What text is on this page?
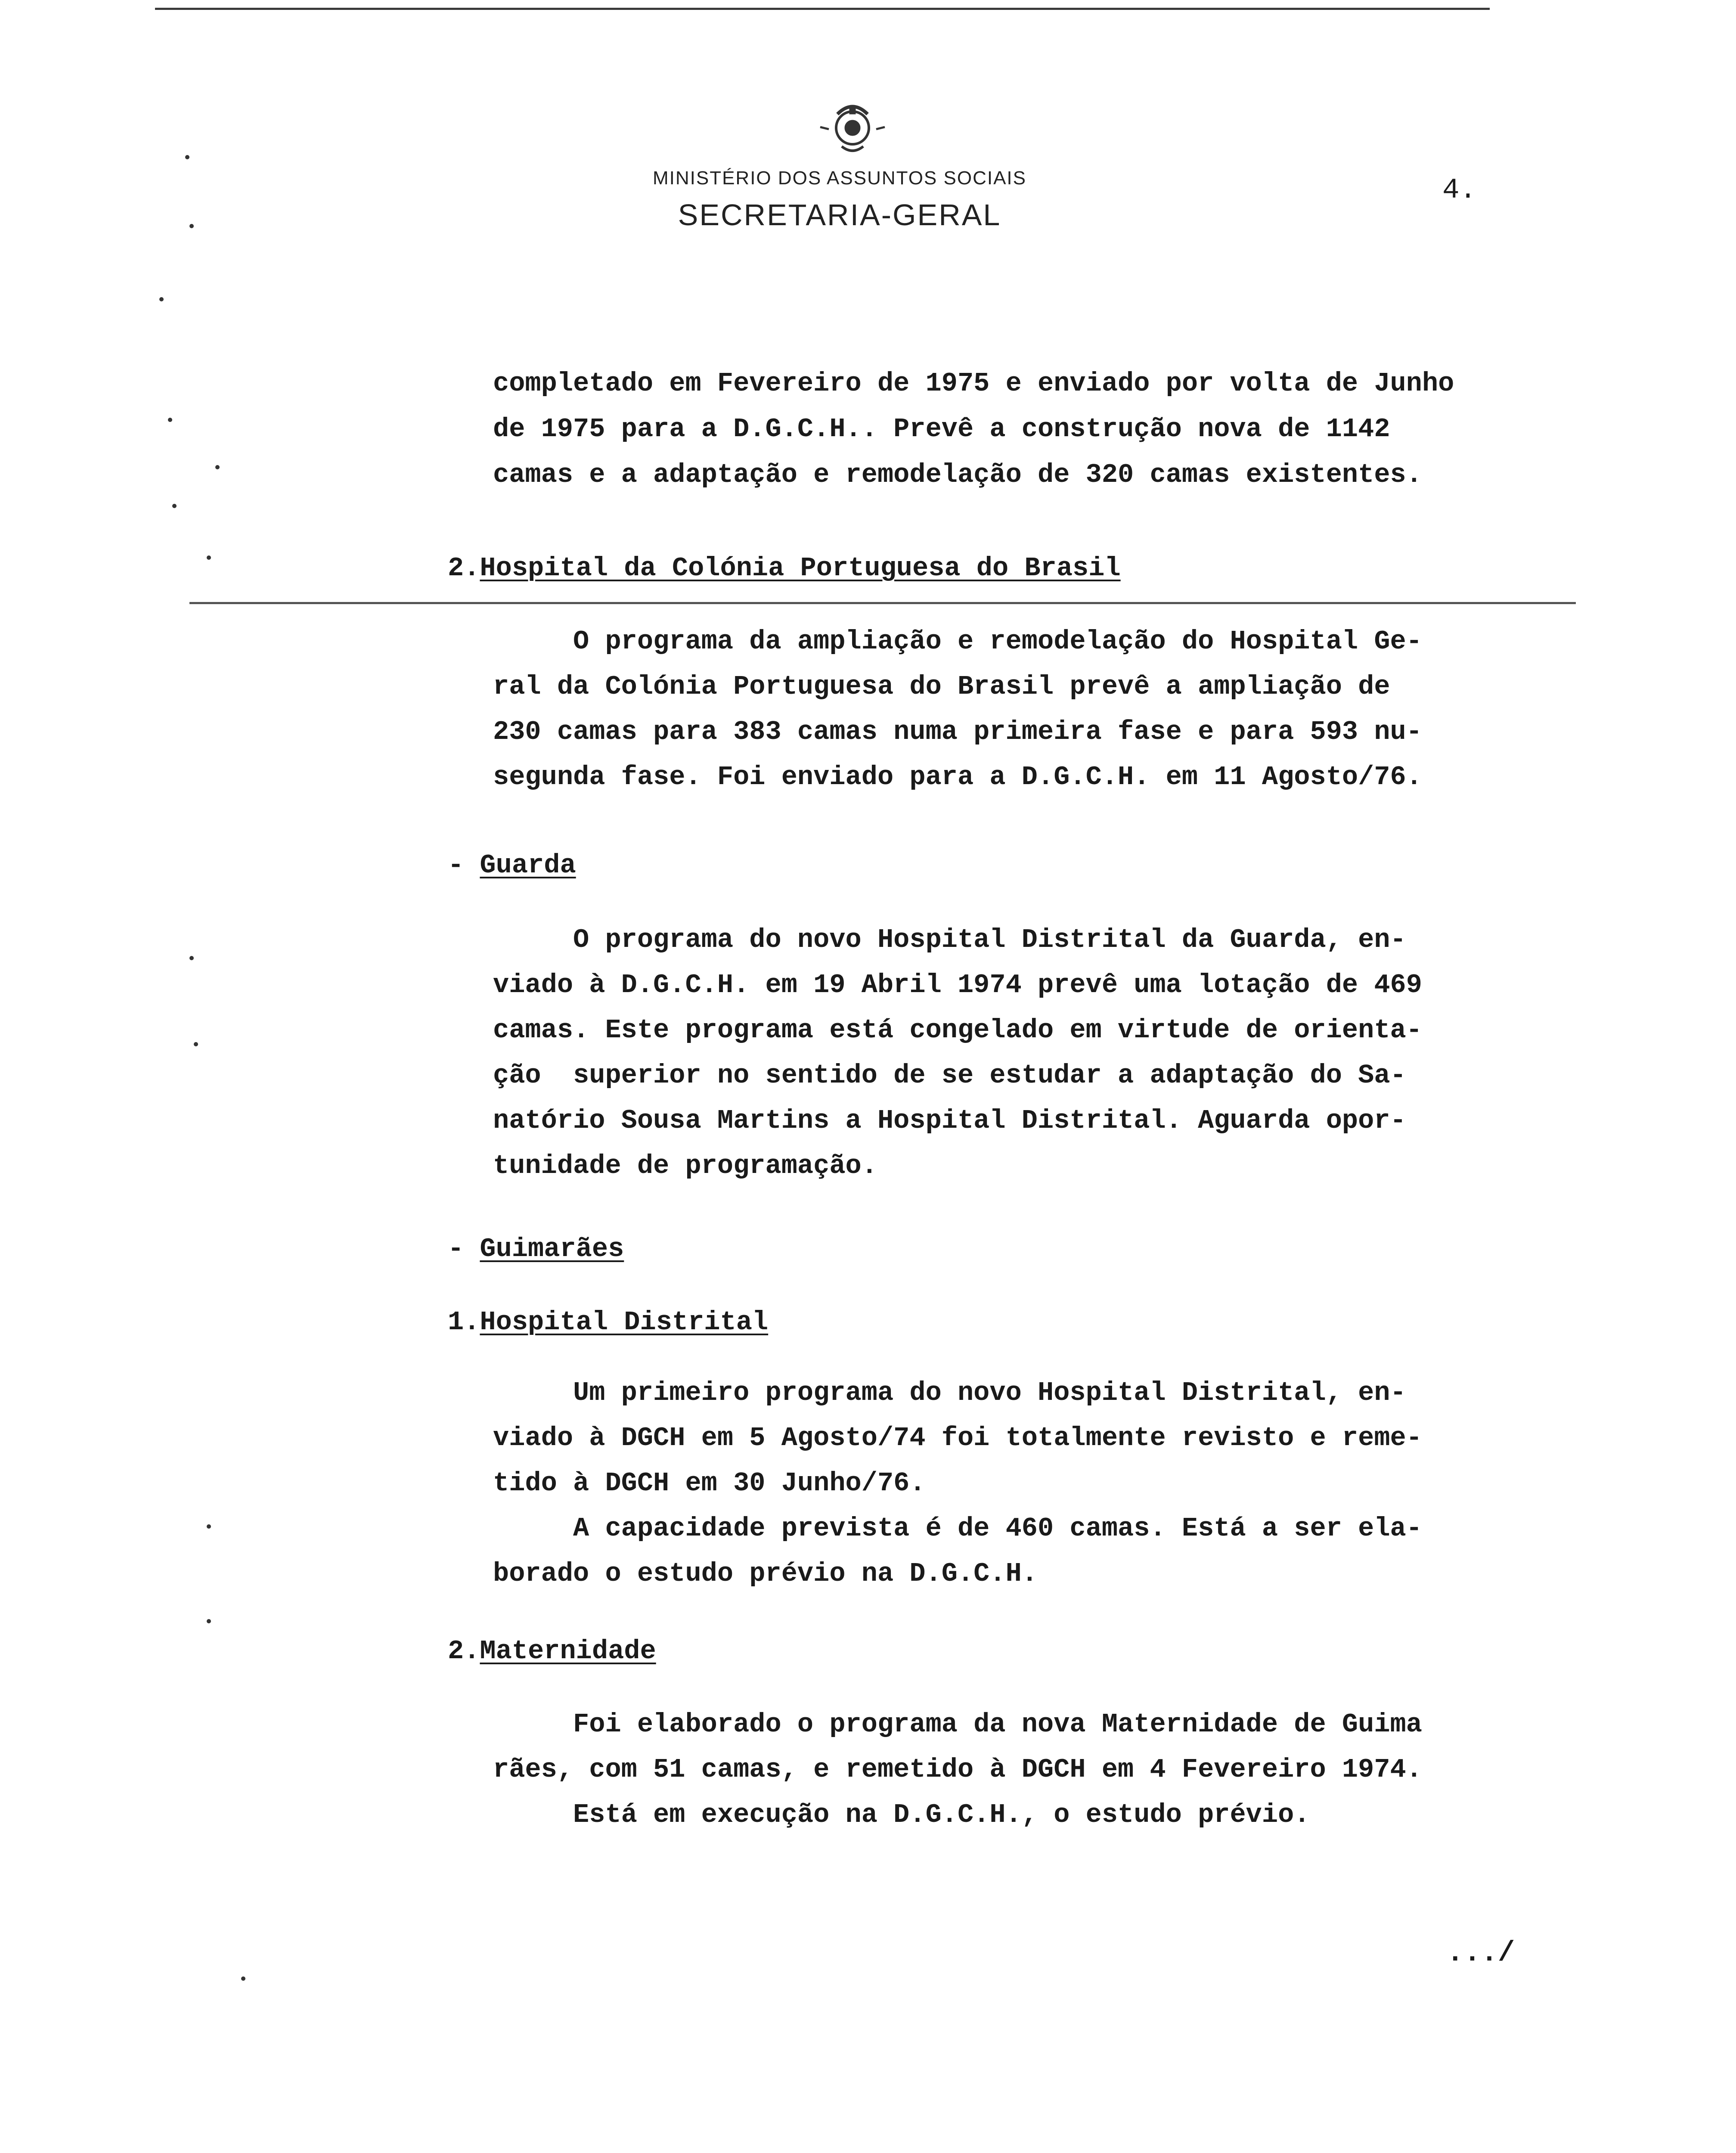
MINISTÉRIO DOS ASSUNTOS SOCIAIS
SECRETARIA-GERAL
4.
completado em Fevereiro de 1975 e enviado por volta de Junho
de 1975 para a D.G.C.H.. Prevê a construção nova de 1142
camas e a adaptação e remodelação de 320 camas existentes.
2.Hospital da Colónia Portuguesa do Brasil
O programa da ampliação e remodelação do Hospital Ge-
ral da Colónia Portuguesa do Brasil prevê a ampliação de
230 camas para 383 camas numa primeira fase e para 593 nu-
segunda fase. Foi enviado para a D.G.C.H. em 11 Agosto/76.
- Guarda
O programa do novo Hospital Distrital da Guarda, en-
viado à D.G.C.H. em 19 Abril 1974 prevê uma lotação de 469
camas. Este programa está congelado em virtude de orienta-
ção  superior no sentido de se estudar a adaptação do Sa-
natório Sousa Martins a Hospital Distrital. Aguarda opor-
tunidade de programação.
- Guimarães
1.Hospital Distrital
Um primeiro programa do novo Hospital Distrital, en-
viado à DGCH em 5 Agosto/74 foi totalmente revisto e reme-
tido à DGCH em 30 Junho/76.
A capacidade prevista é de 460 camas. Está a ser ela-
borado o estudo prévio na D.G.C.H.
2.Maternidade
Foi elaborado o programa da nova Maternidade de Guima
rães, com 51 camas, e remetido à DGCH em 4 Fevereiro 1974.
Está em execução na D.G.C.H., o estudo prévio.
.../
